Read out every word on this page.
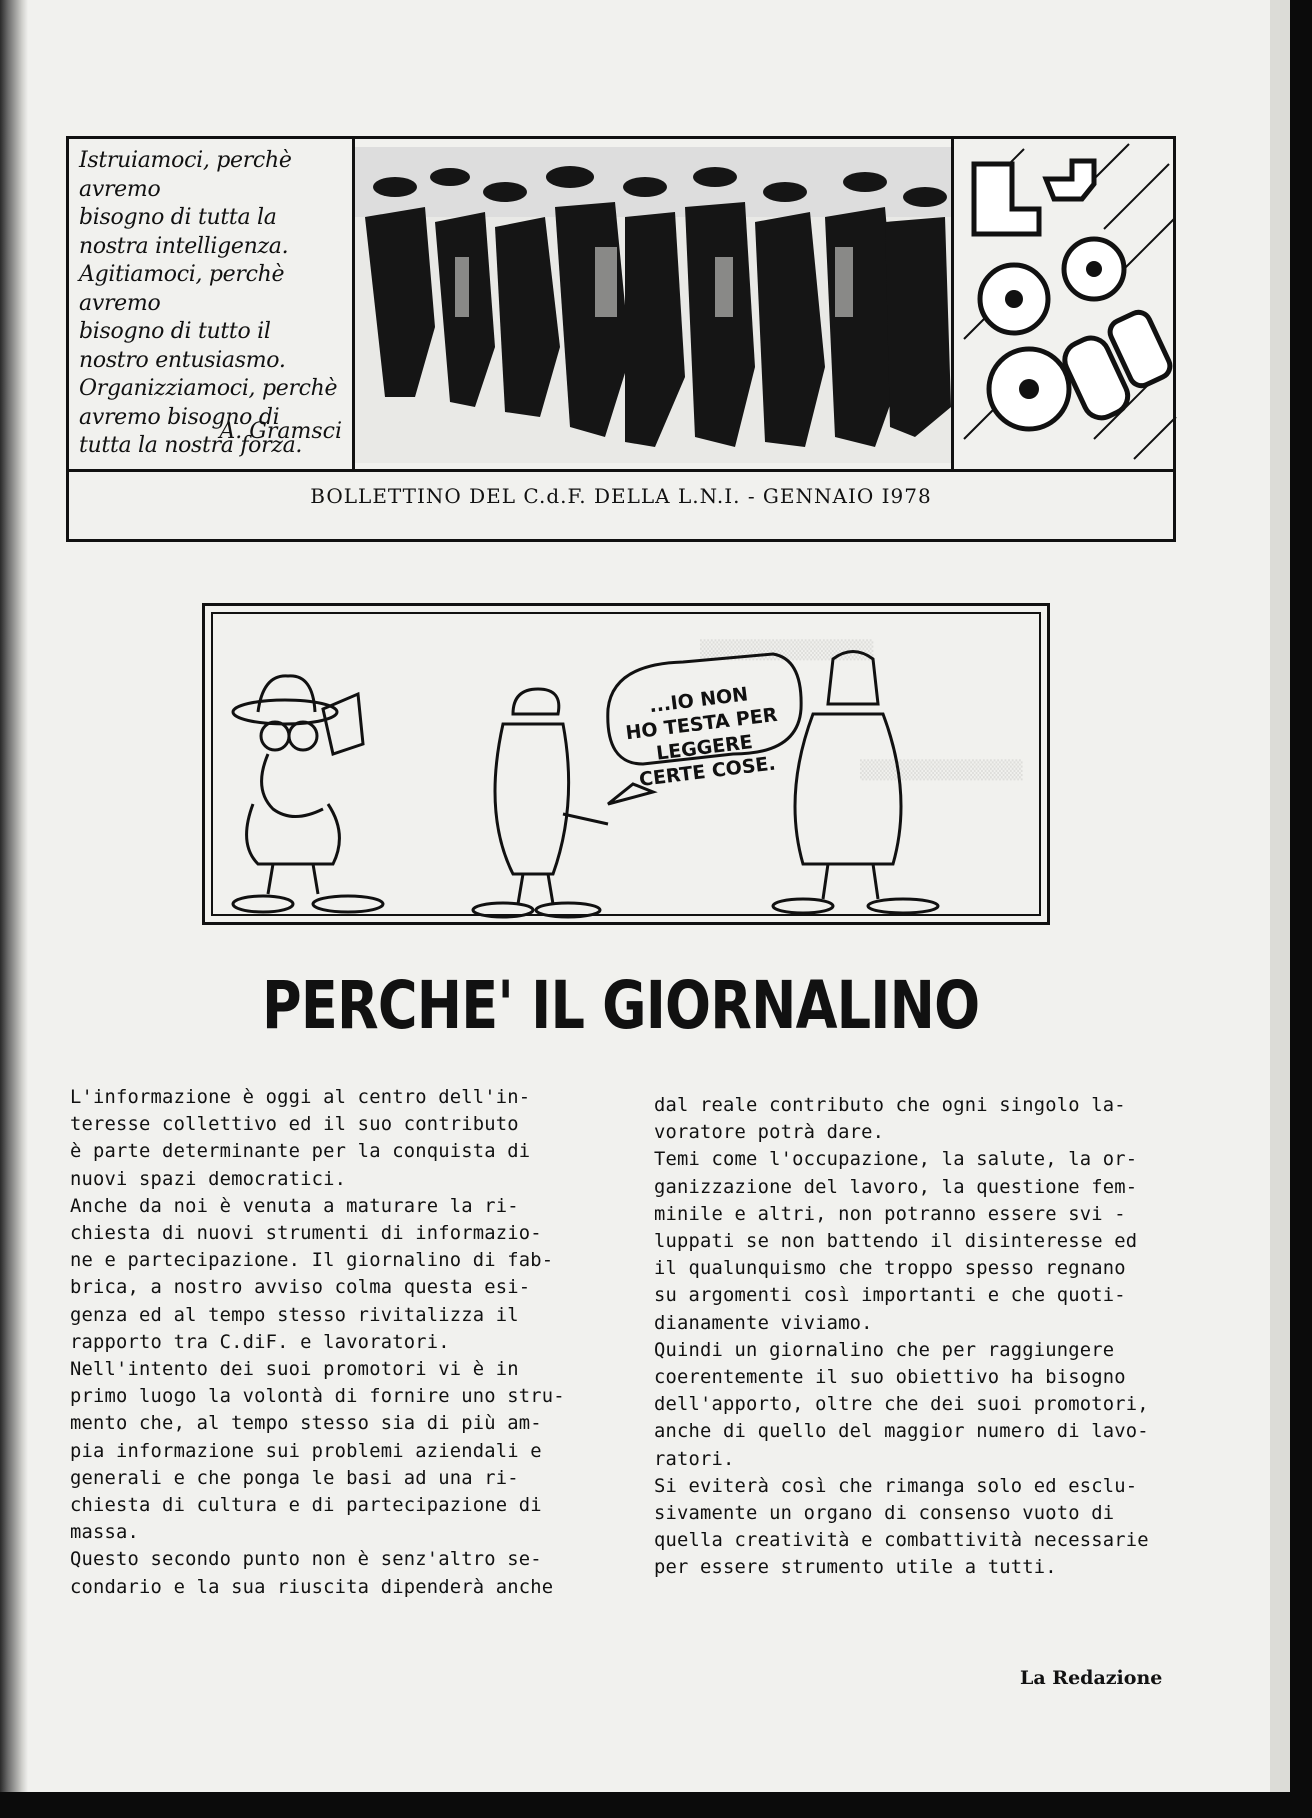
▒▒▒▒▒▒▒▒▒▒▒▒▒▒▒▒
▒▒▒▒▒▒▒▒▒▒▒▒▒▒▒
Istruiamoci, perchè avremo
bisogno di tutta la
nostra intelligenza.
Agitiamoci, perchè avremo
bisogno di tutto il
nostro entusiasmo.
Organizziamoci, perchè
avremo bisogno di
tutta la nostra forza.
A. Gramsci
BOLLETTINO DEL C.d.F. DELLA L.N.I. - GENNAIO I978
...IO NON
HO TESTA PER
LEGGERE
CERTE COSE.
PERCHE' IL GIORNALINO
L'informazione è oggi al centro dell'in-
teresse collettivo ed il suo contributo
è parte determinante per la conquista di
nuovi spazi democratici.
Anche da noi è venuta a maturare la ri-
chiesta di nuovi strumenti di informazio-
ne e partecipazione. Il giornalino di fab-
brica, a nostro avviso colma questa esi-
genza ed al tempo stesso rivitalizza il
rapporto tra C.diF. e lavoratori.
Nell'intento dei suoi promotori vi è in
primo luogo la volontà di fornire uno stru-
mento che, al tempo stesso sia di più am-
pia informazione sui problemi aziendali e
generali e che ponga le basi ad una ri-
chiesta di cultura e di partecipazione di
massa.
Questo secondo punto non è senz'altro se-
condario e la sua riuscita dipenderà anche
dal reale contributo che ogni singolo la-
voratore potrà dare.
Temi come l'occupazione, la salute, la or-
ganizzazione del lavoro, la questione fem-
minile e altri, non potranno essere svi -
luppati se non battendo il disinteresse ed
il qualunquismo che troppo spesso regnano
su argomenti così importanti e che quoti-
dianamente viviamo.
Quindi un giornalino che per raggiungere
coerentemente il suo obiettivo ha bisogno
dell'apporto, oltre che dei suoi promotori,
anche di quello del maggior numero di lavo-
ratori.
Si eviterà così che rimanga solo ed esclu-
sivamente un organo di consenso vuoto di
quella creatività e combattività necessarie
per essere strumento utile a tutti.
La Redazione
